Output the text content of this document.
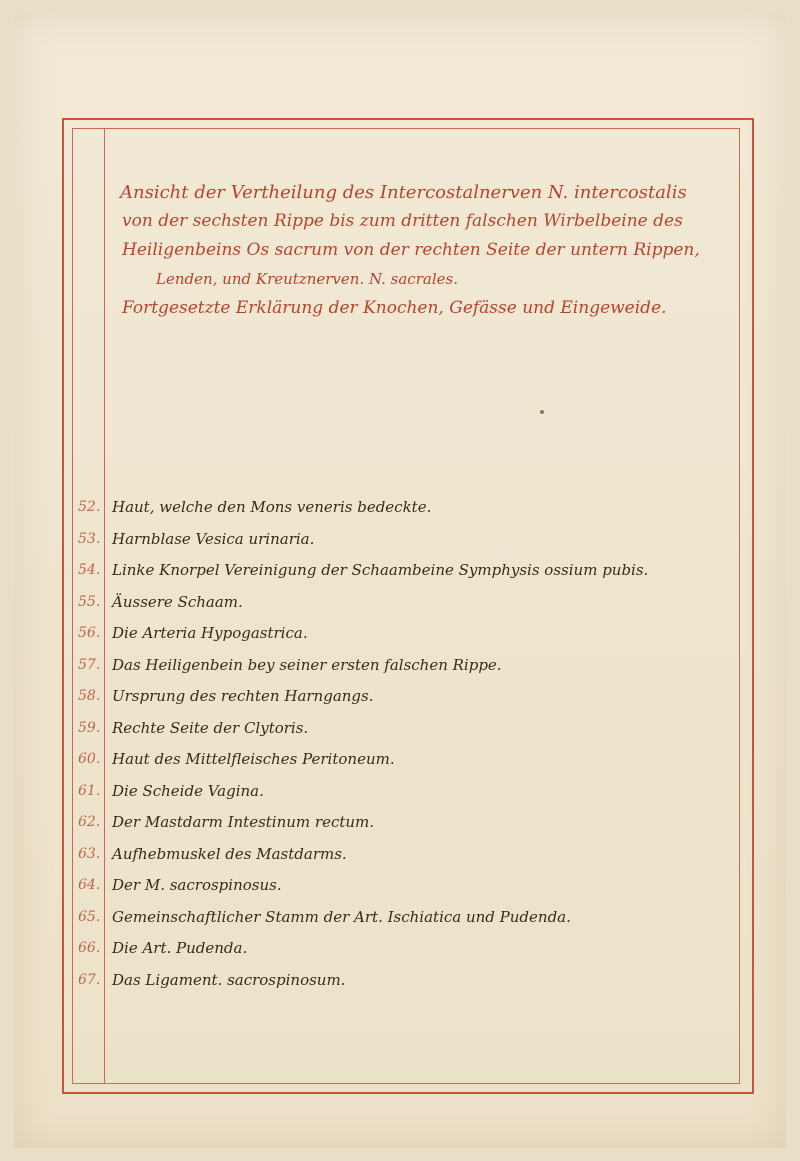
Ansicht der Vertheilung des Intercostalnerven N. intercostalis
von der sechsten Rippe bis zum dritten falschen Wirbelbeine des
Heiligenbeins Os sacrum von der rechten Seite der untern Rippen,
Lenden, und Kreutznerven. N. sacrales.
Fortgesetzte Erklärung der Knochen, Gefässe und Eingeweide.
52. Haut, welche den Mons veneris bedeckte.
53. Harnblase Vesica urinaria.
54. Linke Knorpel Vereinigung der Schaambeine Symphysis ossium pubis.
55. Äussere Schaam.
56. Die Arteria Hypogastrica.
57. Das Heiligenbein bey seiner ersten falschen Rippe.
58. Ursprung des rechten Harngangs.
59. Rechte Seite der Clytoris.
60. Haut des Mittelfleisches Peritoneum.
61. Die Scheide Vagina.
62. Der Mastdarm Intestinum rectum.
63. Aufhebmuskel des Mastdarms.
64. Der M. sacrospinosus.
65. Gemeinschaftlicher Stamm der Art. Ischiatica und Pudenda.
66. Die Art. Pudenda.
67. Das Ligament. sacrospinosum.
